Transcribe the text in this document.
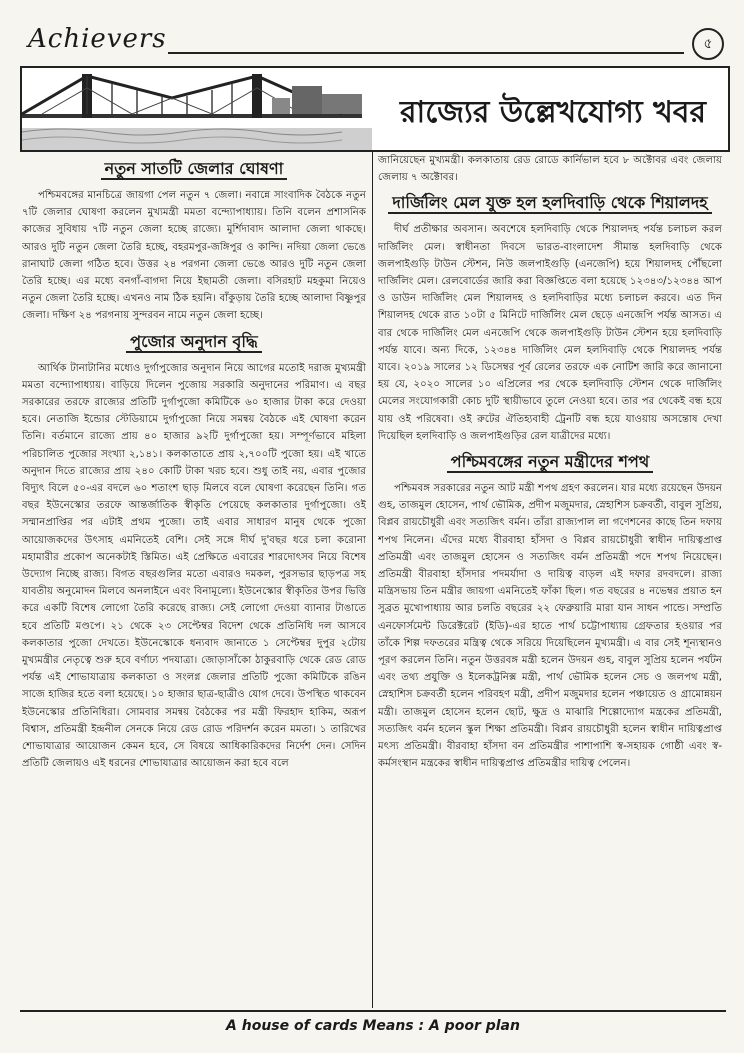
Achievers	৫
রাজ্যের উল্লেখযোগ্য খবর
নতুন সাতটি জেলার ঘোষণা

পশ্চিমবঙ্গের মানচিত্রে জায়গা পেল নতুন ৭ জেলা। নবান্নে সাংবাদিক বৈঠকে নতুন ৭টি জেলার ঘোষণা করলেন মুখ্যমন্ত্রী মমতা বন্দ্যোপাধ্যায়। তিনি বলেন প্রশাসনিক কাজের সুবিধায় ৭টি নতুন জেলা হচ্ছে রাজ্যে। মুর্শিদাবাদ আলাদা জেলা থাকছে। আরও দুটি নতুন জেলা তৈরি হচ্ছে, বহরমপুর-জঙ্গিপুর ও কান্দি। নদিয়া জেলা ভেঙে রানাঘাট জেলা গঠিত হবে। উত্তর ২৪ পরগনা জেলা ভেঙে আরও দুটি নতুন জেলা তৈরি হচ্ছে। এর মধ্যে বনগাঁ-বাগদা নিয়ে ইছামতী জেলা। বসিরহাট মহকুমা নিয়েও নতুন জেলা তৈরি হচ্ছে। এখনও নাম ঠিক হয়নি। বাঁকুড়ায় তৈরি হচ্ছে আলাদা বিষ্ণুপুর জেলা। দক্ষিণ ২৪ পরগনায় সুন্দরবন নামে নতুন জেলা হচ্ছে।

পুজোর অনুদান বৃদ্ধি

আর্থিক টানাটানির মধ্যেও দুর্গাপুজোর অনুদান নিয়ে আগের মতোই দরাজ মুখ্যমন্ত্রী মমতা বন্দ্যোপাধ্যায়। বাড়িয়ে দিলেন পুজোয় সরকারি অনুদানের পরিমাণ। এ বছর সরকারের তরফে রাজ্যের প্রতিটি দুর্গাপুজো কমিটিকে ৬০ হাজার টাকা করে দেওয়া হবে। নেতাজি ইন্ডোর স্টেডিয়ামে দুর্গাপুজো নিয়ে সমন্বয় বৈঠকে এই ঘোষণা করেন তিনি। বর্তমানে রাজ্যে প্রায় ৪০ হাজার ৯২টি দুর্গাপুজো হয়। সম্পূর্ণভাবে মহিলা পরিচালিত পুজোর সংখ্যা ২,১৪১। কলকাতাতে প্রায় ২,৭০০টি পুজো হয়। এই খাতে অনুদান দিতে রাজ্যের প্রায় ২৪০ কোটি টাকা খরচ হবে। শুধু তাই নয়, এবার পুজোর বিদ্যুৎ বিলে ৫০-এর বদলে ৬০ শতাংশ ছাড় মিলবে বলে ঘোষণা করেছেন তিনি। গত বছর ইউনেস্কোর তরফে আন্তর্জাতিক স্বীকৃতি পেয়েছে কলকাতার দুর্গাপুজো। ওই সম্মানপ্রাপ্তির পর এটাই প্রথম পুজো। তাই এবার সাধারণ মানুষ থেকে পুজো আয়োজকদের উৎসাহ এমনিতেই বেশি। সেই সঙ্গে দীর্ঘ দু'বছর ধরে চলা করোনা মহামারীর প্রকোপ অনেকটাই স্তিমিত। এই প্রেক্ষিতে এবারের শারদোৎসব নিয়ে বিশেষ উদ্যোগ নিচ্ছে রাজ্য। বিগত বছরগুলির মতো এবারও দমকল, পুরসভার ছাড়পত্র সহ যাবতীয় অনুমোদন মিলবে অনলাইনে এবং বিনামূল্যে। ইউনেস্কোর স্বীকৃতির উপর ভিত্তি করে একটি বিশেষ লোগো তৈরি করেছে রাজ্য। সেই লোগো দেওয়া ব্যানার টাঙাতে হবে প্রতিটি মণ্ডপে। ২১ থেকে ২৩ সেপ্টেম্বর বিদেশ থেকে প্রতিনিধি দল আসবে কলকাতার পুজো দেখতে। ইউনেস্কোকে ধন্যবাদ জানাতে ১ সেপ্টেম্বর দুপুর ২টোয় মুখ্যমন্ত্রীর নেতৃত্বে শুরু হবে বর্ণাঢ্য পদযাত্রা। জোড়াসাঁকো ঠাকুরবাড়ি থেকে রেড রোড পর্যন্ত এই শোভাযাত্রায় কলকাতা ও সংলগ্ন জেলার প্রতিটি পুজো কমিটিকে রঙিন সাজে হাজির হতে বলা হয়েছে। ১০ হাজার ছাত্র-ছাত্রীও যোগ দেবে। উপস্থিত থাকবেন ইউনেস্কোর প্রতিনিধিরা। সোমবার সমন্বয় বৈঠকের পর মন্ত্রী ফিরহাদ হাকিম, অরূপ বিশ্বাস, প্রতিমন্ত্রী ইন্দ্রনীল সেনকে নিয়ে রেড রোড পরিদর্শন করেন মমতা। ১ তারিখের শোভাযাত্রার আয়োজন কেমন হবে, সে বিষয়ে আধিকারিকদের নির্দেশ দেন। সেদিন প্রতিটি জেলায়ও এই ধরনের শোভাযাত্রার আয়োজন করা হবে বলে

জানিয়েছেন মুখ্যমন্ত্রী। কলকাতায় রেড রোডে কার্নিভাল হবে ৮ অক্টোবর এবং জেলায় জেলায় ৭ অক্টোবর।

দার্জিলিং মেল যুক্ত হল হলদিবাড়ি থেকে শিয়ালদহ

দীর্ঘ প্রতীক্ষার অবসান। অবশেষে হলদিবাড়ি থেকে শিয়ালদহ পর্যন্ত চলাচল করল দার্জিলিং মেল। স্বাধীনতা দিবসে ভারত-বাংলাদেশ সীমান্ত হলদিবাড়ি থেকে জলপাইগুড়ি টাউন স্টেশন, নিউ জলপাইগুড়ি (এনজেপি) হয়ে শিয়ালদহ পৌঁছলো দার্জিলিং মেল। রেলবোর্ডের জারি করা বিজ্ঞপ্তিতে বলা হয়েছে ১২৩৪৩/১২৩৪৪ আপ ও ডাউন দার্জিলিং মেল শিয়ালদহ ও হলদিবাড়ির মধ্যে চলাচল করবে। এত দিন শিয়ালদহ থেকে রাত ১০টা ৫ মিনিটে দার্জিলিং মেল ছেড়ে এনজেপি পর্যন্ত আসত। এ বার থেকে দার্জিলিং মেল এনজেপি থেকে জলপাইগুড়ি টাউন স্টেশন হয়ে হলদিবাড়ি পর্যন্ত যাবে। অন্য দিকে, ১২৩৪৪ দার্জিলিং মেল হলদিবাড়ি থেকে শিয়ালদহ পর্যন্ত যাবে। ২০১৯ সালের ১২ ডিসেম্বর পূর্ব রেলের তরফে এক নোটিশ জারি করে জানানো হয় যে, ২০২০ সালের ১০ এপ্রিলের পর থেকে হলদিবাড়ি স্টেশন থেকে দার্জিলিং মেলের সংযোগকারী কোচ দুটি স্থায়ীভাবে তুলে নেওয়া হবে। তার পর থেকেই বন্ধ হয়ে যায় ওই পরিষেবা। ওই রুটের ঐতিহ্যবাহী ট্রেনটি বন্ধ হয়ে যাওয়ায় অসন্তোষ দেখা দিয়েছিল হলদিবাড়ি ও জলপাইগুড়ির রেল যাত্রীদের মধ্যে।

পশ্চিমবঙ্গের নতুন মন্ত্রীদের শপথ

পশ্চিমবঙ্গ সরকারের নতুন আট মন্ত্রী শপথ গ্রহণ করলেন। যার মধ্যে রয়েছেন উদয়ন গুহ, তাজমুল হোসেন, পার্থ ভৌমিক, প্রদীপ মজুমদার, স্নেহাশিস চক্রবর্তী, বাবুল সুপ্রিয়, বিপ্লব রায়চৌধুরী এবং সত্যজিৎ বর্মন। তাঁরা রাজ্যপাল লা গণেশনের কাছে তিন দফায় শপথ নিলেন। এঁদের মধ্যে বীরবাহা হাঁসদা ও বিপ্লব রায়চৌধুরী স্বাধীন দায়িত্বপ্রাপ্ত প্রতিমন্ত্রী এবং তাজমুল হোসেন ও সত্যজিৎ বর্মন প্রতিমন্ত্রী পদে শপথ নিয়েছেন। প্রতিমন্ত্রী বীরবাহা হাঁসদার পদমর্যাদা ও দায়িত্ব বাড়ল এই দফার রদবদলে। রাজ্য মন্ত্রিসভায় তিন মন্ত্রীর জায়গা এমনিতেই ফাঁকা ছিল। গত বছরের ৪ নভেম্বর প্রয়াত হন সুব্রত মুখোপাধ্যায় আর চলতি বছরের ২২ ফেব্রুয়ারি মারা যান সাধন পান্ডে। সম্প্রতি এনফোর্সমেন্ট ডিরেক্টরেট (ইডি)-এর হাতে পার্থ চট্টোপাধ্যায় গ্রেফতার হওয়ার পর তাঁকে শিল্প দফতরের মন্ত্রিত্ব থেকে সরিয়ে দিয়েছিলেন মুখ্যমন্ত্রী। এ বার সেই শূন্যস্থানও পূরণ করলেন তিনি। নতুন উত্তরবঙ্গ মন্ত্রী হলেন উদয়ন গুহ, বাবুল সুপ্রিয় হলেন পর্যটন এবং তথ্য প্রযুক্তি ও ইলেকট্রনিক্স মন্ত্রী, পার্থ ভৌমিক হলেন সেচ ও জলপথ মন্ত্রী, স্নেহাশিস চক্রবর্তী হলেন পরিবহণ মন্ত্রী, প্রদীপ মজুমদার হলেন পঞ্চায়েত ও গ্রামোন্নয়ন মন্ত্রী। তাজমুল হোসেন হলেন ছোট, ক্ষুদ্র ও মাঝারি শিল্পোদ্যোগ মন্ত্রকের প্রতিমন্ত্রী, সত্যজিৎ বর্মন হলেন স্কুল শিক্ষা প্রতিমন্ত্রী। বিপ্লব রায়চৌধুরী হলেন স্বাধীন দায়িত্বপ্রাপ্ত মৎস্য প্রতিমন্ত্রী। বীরবাহা হাঁসদা বন প্রতিমন্ত্রীর পাশাপাশি স্ব-সহায়ক গোষ্ঠী এবং স্ব-কর্মসংস্থান মন্ত্রকের স্বাধীন দায়িত্বপ্রাপ্ত প্রতিমন্ত্রীর দায়িত্ব পেলেন।

A house of cards Means : A poor plan
